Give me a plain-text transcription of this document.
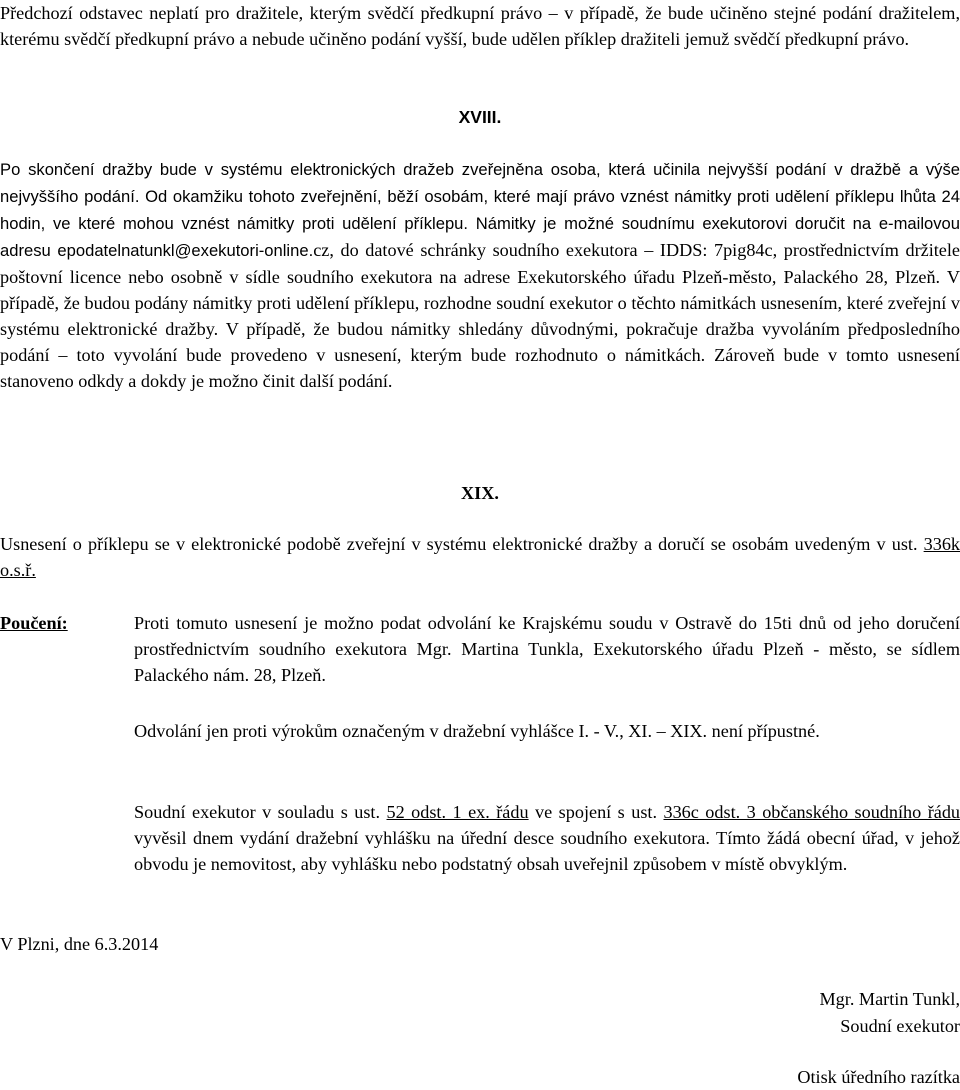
Předchozí odstavec neplatí pro dražitele, kterým svědčí předkupní právo – v případě, že bude učiněno stejné podání dražitelem, kterému svědčí předkupní právo a nebude učiněno podání vyšší, bude udělen příklep dražiteli jemuž svědčí předkupní právo.

XVIII.

Po skončení dražby bude v systému elektronických dražeb zveřejněna osoba, která učinila nejvyšší podání v dražbě a výše nejvyššího podání. Od okamžiku tohoto zveřejnění, běží osobám, které mají právo vznést námitky proti udělení příklepu lhůta 24 hodin, ve které mohou vznést námitky proti udělení příklepu. Námitky je možné soudnímu exekutorovi doručit na e-mailovou adresu epodatelnatunkl@exekutori-online.cz, do datové schránky soudního exekutora – IDDS: 7pig84c, prostřednictvím držitele poštovní licence nebo osobně v sídle soudního exekutora na adrese Exekutorského úřadu Plzeň-město, Palackého 28, Plzeň. V případě, že budou podány námitky proti udělení příklepu, rozhodne soudní exekutor o těchto námitkách usnesením, které zveřejní v systému elektronické dražby. V případě, že budou námitky shledány důvodnými, pokračuje dražba vyvoláním předposledního podání – toto vyvolání bude provedeno v usnesení, kterým bude rozhodnuto o námitkách. Zároveň bude v tomto usnesení stanoveno odkdy a dokdy je možno činit další podání.

XIX.

Usnesení o příklepu se v elektronické podobě zveřejní v systému elektronické dražby a doručí se osobám uvedeným v ust. 336k o.s.ř.

Poučení:	Proti tomuto usnesení je možno podat odvolání ke Krajskému soudu v Ostravě do 15ti dnů od jeho doručení prostřednictvím soudního exekutora Mgr. Martina Tunkla, Exekutorského úřadu Plzeň - město, se sídlem Palackého nám. 28, Plzeň.

Odvolání jen proti výrokům označeným v dražební vyhlášce I. - V., XI. – XIX. není přípustné.

Soudní exekutor v souladu s ust. 52 odst. 1 ex. řádu ve spojení s ust. 336c odst. 3 občanského soudního řádu vyvěsil dnem vydání dražební vyhlášku na úřední desce soudního exekutora. Tímto žádá obecní úřad, v jehož obvodu je nemovitost, aby vyhlášku nebo podstatný obsah uveřejnil způsobem v místě obvyklým.

V Plzni, dne 6.3.2014
Mgr. Martin Tunkl,
Soudní exekutor
Otisk úředního razítka
